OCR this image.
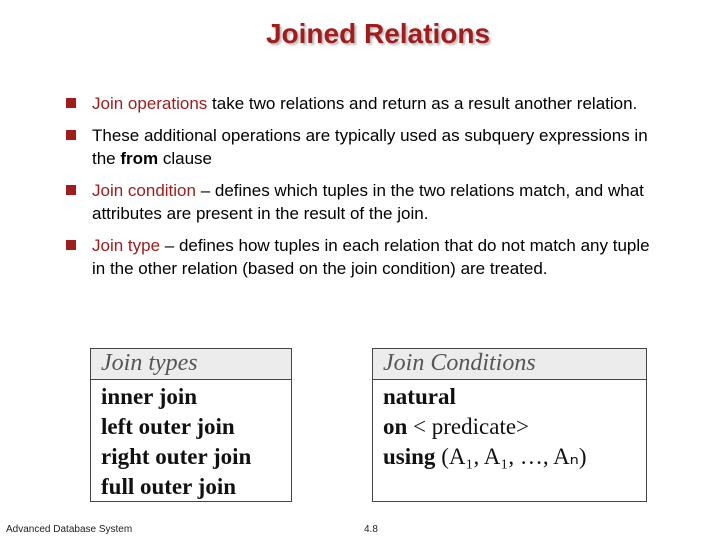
Joined Relations
Join operations take two relations and return as a result another relation.
These additional operations are typically used as subquery expressions in the from clause
Join condition – defines which tuples in the two relations match, and what attributes are present in the result of the join.
Join type – defines how tuples in each relation that do not match any tuple in the other relation (based on the join condition) are treated.
Join types
inner join
left outer join
right outer join
full outer join
Join Conditions
natural
on < predicate>
using (A₁, A₁, …, Aₙ)
Advanced Database System	4.8
